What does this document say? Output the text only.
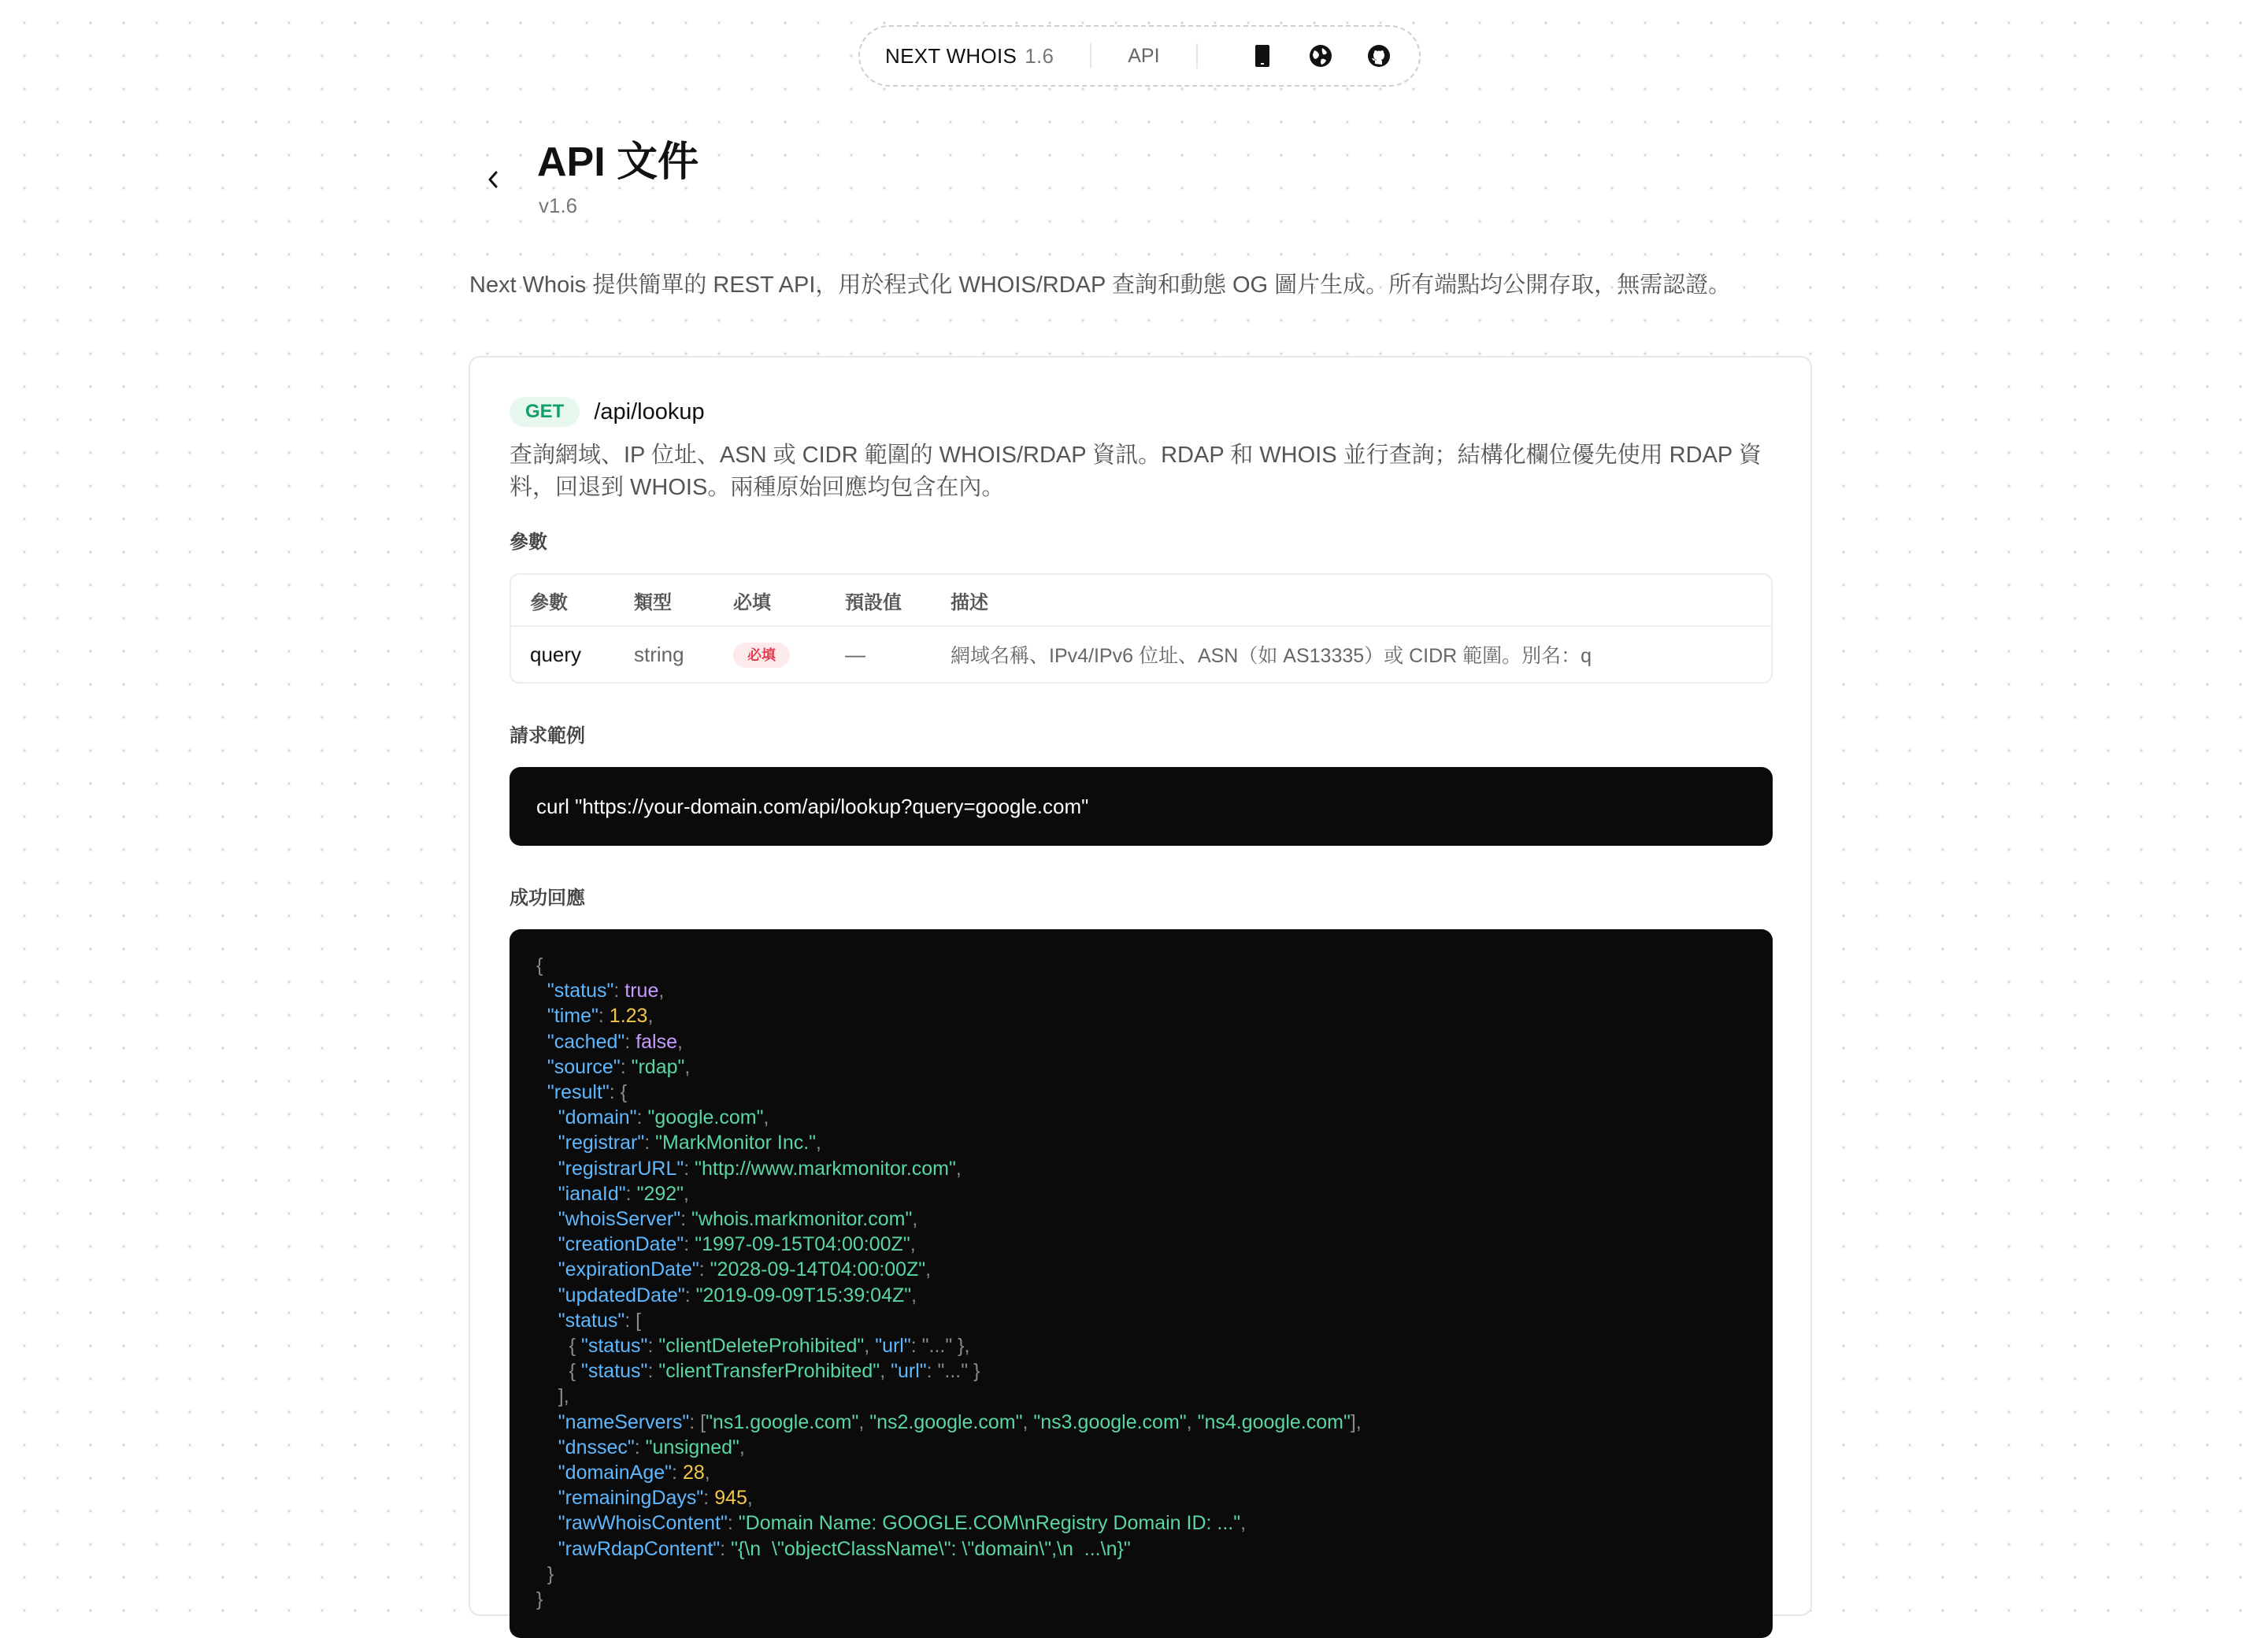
NEXT WHOIS 1.6	API
API 文件
v1.6

Next Whois 提供簡單的 REST API，用於程式化 WHOIS/RDAP 查詢和動態 OG 圖片生成。所有端點均公開存取，無需認證。

GET	/api/lookup

查詢網域、IP 位址、ASN 或 CIDR 範圍的 WHOIS/RDAP 資訊。RDAP 和 WHOIS 並行查詢；結構化欄位優先使用 RDAP 資料，回退到 WHOIS。兩種原始回應均包含在內。

參數
參數	類型	必填	預設值	描述
query	string	必填	—	網域名稱、IPv4/IPv6 位址、ASN（如 AS13335）或 CIDR 範圍。別名：q
請求範例
curl "https://your-domain.com/api/lookup?query=google.com"
成功回應
{
"status": true,
"time": 1.23,
"cached": false,
"source": "rdap",
"result": {
"domain": "google.com",
"registrar": "MarkMonitor Inc.",
"registrarURL": "http://www.markmonitor.com",
"ianaId": "292",
"whoisServer": "whois.markmonitor.com",
"creationDate": "1997-09-15T04:00:00Z",
"expirationDate": "2028-09-14T04:00:00Z",
"updatedDate": "2019-09-09T15:39:04Z",
"status": [
{ "status": "clientDeleteProhibited", "url": "..." },
{ "status": "clientTransferProhibited", "url": "..." }
],
"nameServers": ["ns1.google.com", "ns2.google.com", "ns3.google.com", "ns4.google.com"],
"dnssec": "unsigned",
"domainAge": 28,
"remainingDays": 945,
"rawWhoisContent": "Domain Name: GOOGLE.COM\nRegistry Domain ID: ...",
"rawRdapContent": "{\n  \"objectClassName\": \"domain\",\n  ...\n}"
}
}
